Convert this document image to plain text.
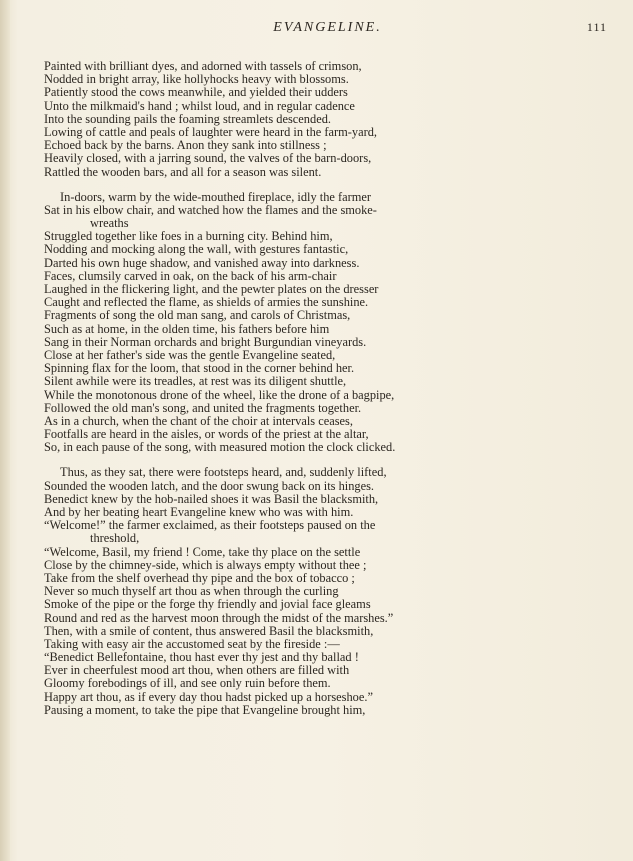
EVANGELINE.	111
Painted with brilliant dyes, and adorned with tassels of crimson,
Nodded in bright array, like hollyhocks heavy with blossoms.
Patiently stood the cows meanwhile, and yielded their udders
Unto the milkmaid's hand ; whilst loud, and in regular cadence
Into the sounding pails the foaming streamlets descended.
Lowing of cattle and peals of laughter were heard in the farm-yard,
Echoed back by the barns. Anon they sank into stillness ;
Heavily closed, with a jarring sound, the valves of the barn-doors,
Rattled the wooden bars, and all for a season was silent.
In-doors, warm by the wide-mouthed fireplace, idly the farmer
Sat in his elbow chair, and watched how the flames and the smoke-
wreaths
Struggled together like foes in a burning city. Behind him,
Nodding and mocking along the wall, with gestures fantastic,
Darted his own huge shadow, and vanished away into darkness.
Faces, clumsily carved in oak, on the back of his arm-chair
Laughed in the flickering light, and the pewter plates on the dresser
Caught and reflected the flame, as shields of armies the sunshine.
Fragments of song the old man sang, and carols of Christmas,
Such as at home, in the olden time, his fathers before him
Sang in their Norman orchards and bright Burgundian vineyards.
Close at her father's side was the gentle Evangeline seated,
Spinning flax for the loom, that stood in the corner behind her.
Silent awhile were its treadles, at rest was its diligent shuttle,
While the monotonous drone of the wheel, like the drone of a bagpipe,
Followed the old man's song, and united the fragments together.
As in a church, when the chant of the choir at intervals ceases,
Footfalls are heard in the aisles, or words of the priest at the altar,
So, in each pause of the song, with measured motion the clock clicked.
Thus, as they sat, there were footsteps heard, and, suddenly lifted,
Sounded the wooden latch, and the door swung back on its hinges.
Benedict knew by the hob-nailed shoes it was Basil the blacksmith,
And by her beating heart Evangeline knew who was with him.
“Welcome!” the farmer exclaimed, as their footsteps paused on the
threshold,
“Welcome, Basil, my friend ! Come, take thy place on the settle
Close by the chimney-side, which is always empty without thee ;
Take from the shelf overhead thy pipe and the box of tobacco ;
Never so much thyself art thou as when through the curling
Smoke of the pipe or the forge thy friendly and jovial face gleams
Round and red as the harvest moon through the midst of the marshes.”
Then, with a smile of content, thus answered Basil the blacksmith,
Taking with easy air the accustomed seat by the fireside :—
“Benedict Bellefontaine, thou hast ever thy jest and thy ballad !
Ever in cheerfulest mood art thou, when others are filled with
Gloomy forebodings of ill, and see only ruin before them.
Happy art thou, as if every day thou hadst picked up a horseshoe.”
Pausing a moment, to take the pipe that Evangeline brought him,
